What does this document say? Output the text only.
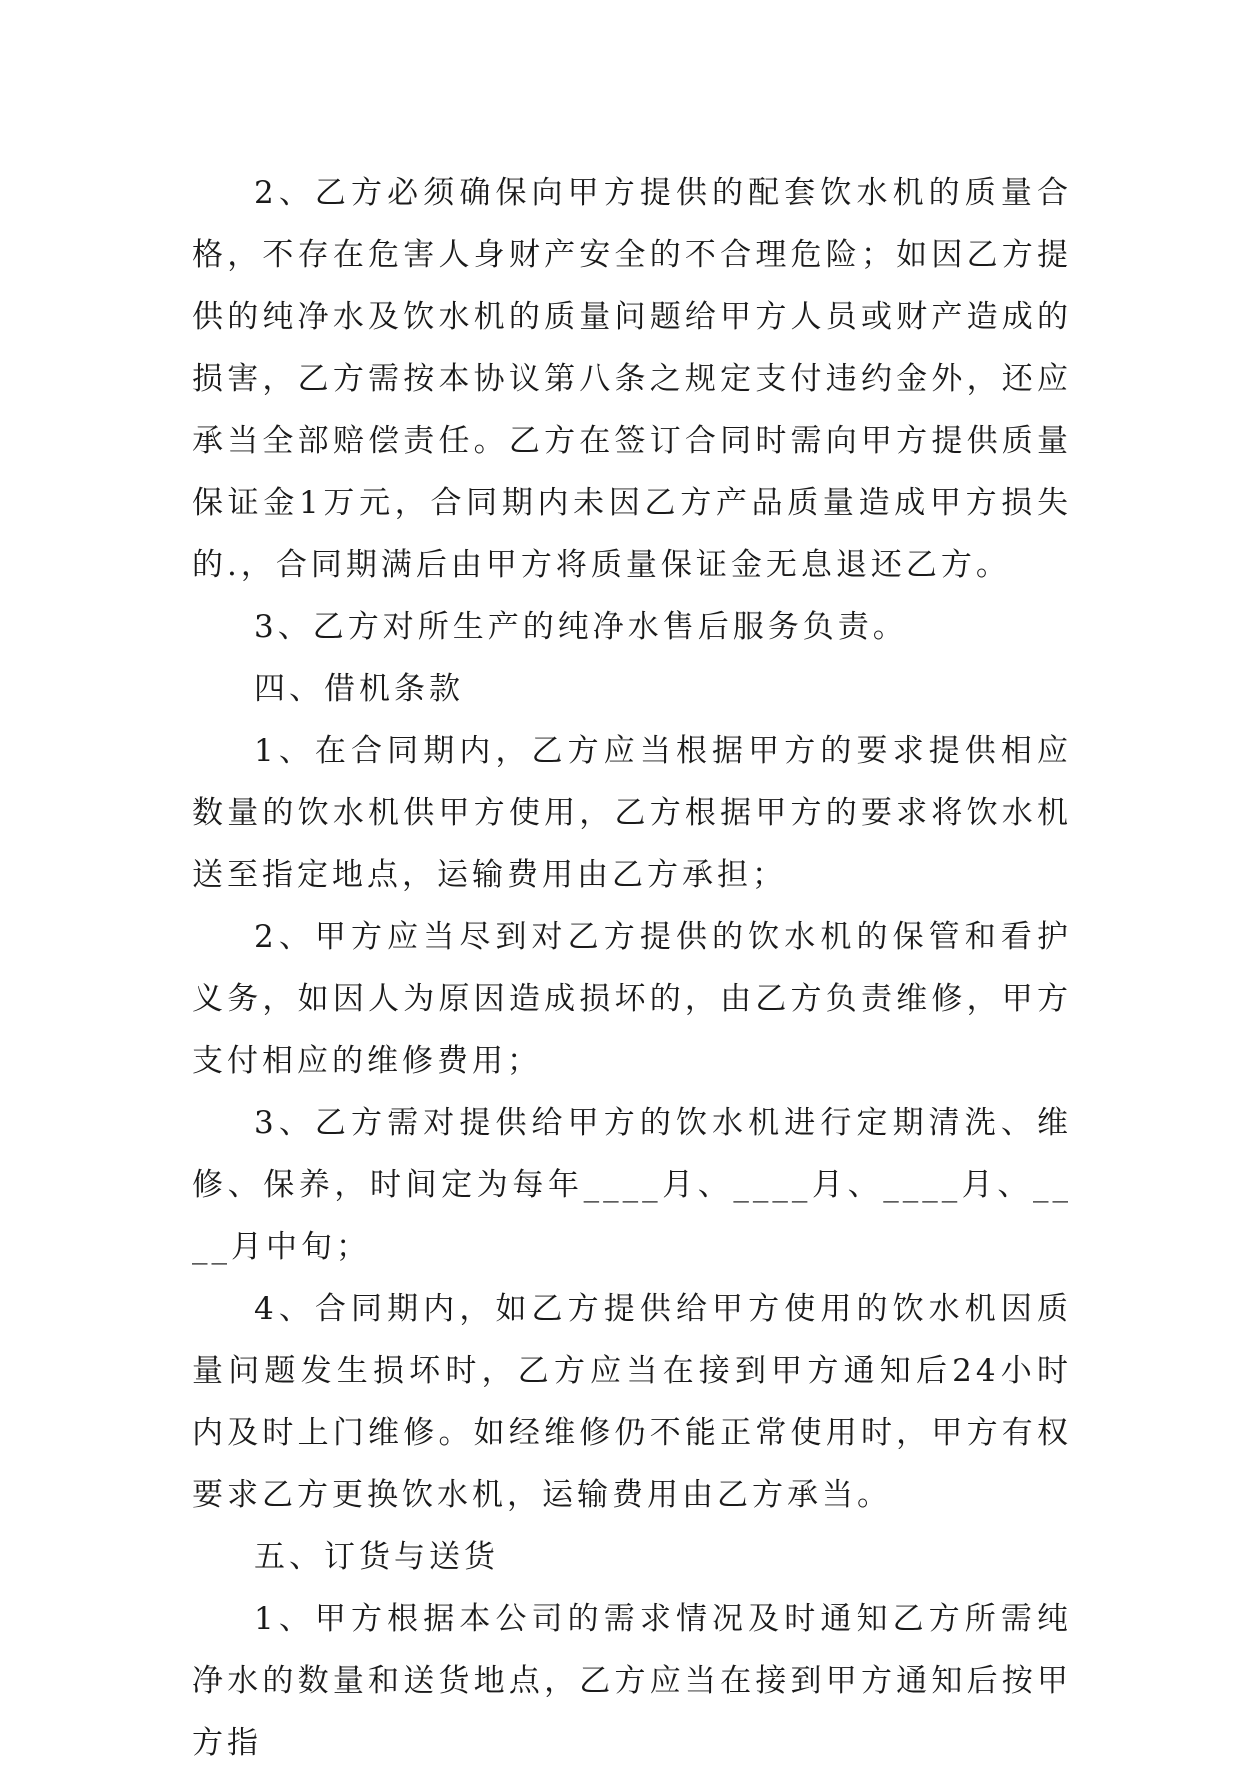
2、乙方必须确保向甲方提供的配套饮水机的质量合格，不存在危害人身财产安全的不合理危险；如因乙方提供的纯净水及饮水机的质量问题给甲方人员或财产造成的损害，乙方需按本协议第八条之规定支付违约金外，还应承当全部赔偿责任。乙方在签订合同时需向甲方提供质量保证金1万元，合同期内未因乙方产品质量造成甲方损失的.，合同期满后由甲方将质量保证金无息退还乙方。

3、乙方对所生产的纯净水售后服务负责。

四、借机条款

1、在合同期内，乙方应当根据甲方的要求提供相应数量的饮水机供甲方使用，乙方根据甲方的要求将饮水机送至指定地点，运输费用由乙方承担；

2、甲方应当尽到对乙方提供的饮水机的保管和看护义务，如因人为原因造成损坏的，由乙方负责维修，甲方支付相应的维修费用；

3、乙方需对提供给甲方的饮水机进行定期清洗、维修、保养，时间定为每年____月、____月、____月、____月中旬；

4、合同期内，如乙方提供给甲方使用的饮水机因质量问题发生损坏时，乙方应当在接到甲方通知后24小时内及时上门维修。如经维修仍不能正常使用时，甲方有权要求乙方更换饮水机，运输费用由乙方承当。

五、订货与送货

1、甲方根据本公司的需求情况及时通知乙方所需纯净水的数量和送货地点，乙方应当在接到甲方通知后按甲方指
